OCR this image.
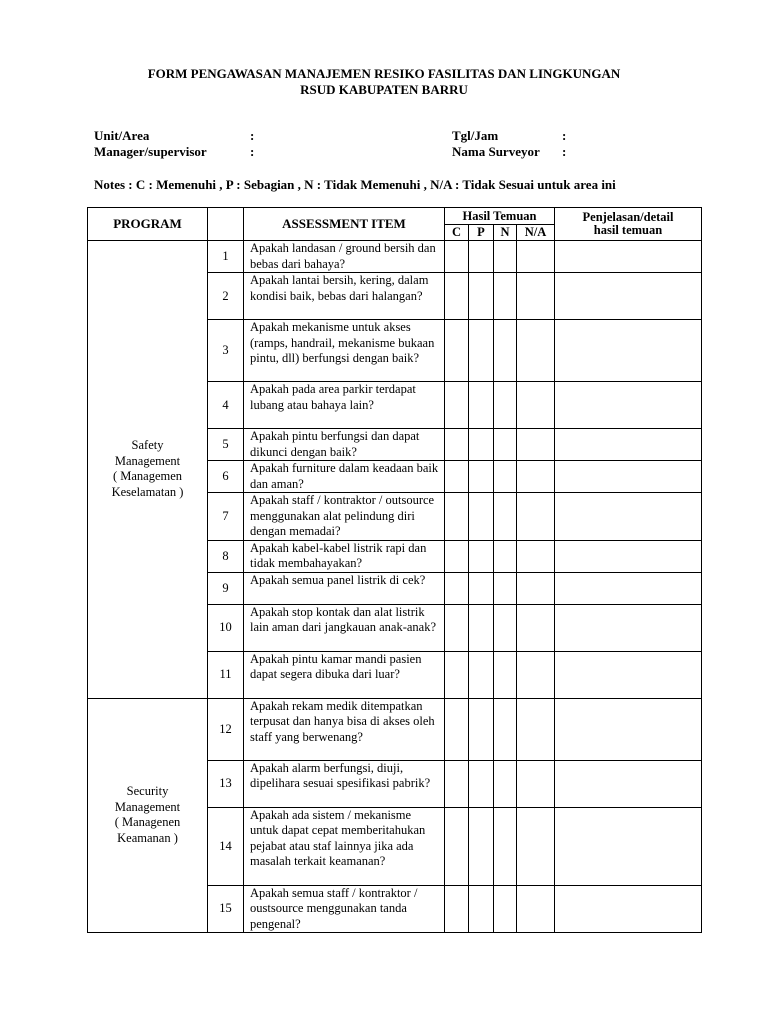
FORM PENGAWASAN MANAJEMEN RESIKO FASILITAS DAN LINGKUNGAN
RSUD KABUPATEN BARRU
Unit/Area	:	Tgl/Jam	:
Manager/supervisor	:	Nama Surveyor :
Notes : C : Memenuhi , P : Sebagian , N : Tidak Memenuhi , N/A : Tidak Sesuai untuk area ini
PROGRAM		ASSESSMENT ITEM	Hasil Temuan				Penjelasan/detail
hasil temuan

			C	P	N	N/A	

Safety
Management
( Managemen
Keselamatan )	1	Apakah landasan / ground bersih dan bebas dari bahaya?					
	2	Apakah lantai bersih, kering, dalam kondisi baik, bebas dari halangan?					
	3	Apakah mekanisme untuk akses (ramps, handrail, mekanisme bukaan pintu, dll) berfungsi dengan baik?					
	4	Apakah pada area parkir terdapat lubang atau bahaya lain?					
	5	Apakah pintu berfungsi dan dapat dikunci dengan baik?					
	6	Apakah furniture dalam keadaan baik dan aman?					
	7	Apakah staff / kontraktor / outsource menggunakan alat pelindung diri dengan memadai?					
	8	Apakah kabel-kabel listrik rapi dan tidak membahayakan?					
	9	Apakah semua panel listrik di cek?					
	10	Apakah stop kontak dan alat listrik lain aman dari jangkauan anak-anak?					
	11	Apakah pintu kamar mandi pasien dapat segera dibuka dari luar?					

Security
Management
( Managenen
Keamanan )	12	Apakah rekam medik ditempatkan terpusat dan hanya bisa di akses oleh staff yang berwenang?					
	13	Apakah alarm berfungsi, diuji, dipelihara sesuai spesifikasi pabrik?					
	14	Apakah ada sistem / mekanisme untuk dapat cepat memberitahukan pejabat atau staf lainnya jika ada masalah terkait keamanan?					
	15	Apakah semua staff / kontraktor / oustsource menggunakan tanda pengenal?					
